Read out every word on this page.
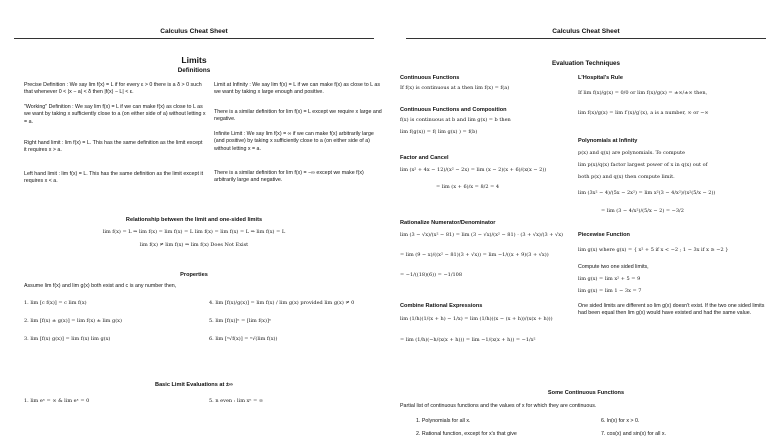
Calculus Cheat Sheet
Limits
Definitions
Precise Definition : We say lim f(x) = L if for every ε > 0 there is a δ > 0 such that whenever 0 < |x − a| < δ then |f(x) − L| < ε.
"Working" Definition : We say lim f(x) = L if we can make f(x) as close to L as we want by taking x sufficiently close to a (on either side of a) without letting x = a.
Right hand limit : lim f(x) = L. This has the same definition as the limit except it requires x > a.
Left hand limit : lim f(x) = L. This has the same definition as the limit except it requires x < a.
Limit at Infinity : We say lim f(x) = L if we can make f(x) as close to L as we want by taking x large enough and positive.
There is a similar definition for lim f(x) = L except we require x large and negative.
Infinite Limit : We say lim f(x) = ∞ if we can make f(x) arbitrarily large (and positive) by taking x sufficiently close to a (on either side of a) without letting x = a.
There is a similar definition for lim f(x) = −∞ except we make f(x) arbitrarily large and negative.
Relationship between the limit and one-sided limits
lim f(x) = L ⇒ lim f(x) = lim f(x) = L lim f(x) = lim f(x) = L ⇒ lim f(x) = L
lim f(x) ≠ lim f(x) ⇒ lim f(x) Does Not Exist
Properties
Assume lim f(x) and lim g(x) both exist and c is any number then,
1. lim [c f(x)] = c lim f(x)
2. lim [f(x) ± g(x)] = lim f(x) ± lim g(x)
3. lim [f(x) g(x)] = lim f(x) lim g(x)
4. lim [f(x)/g(x)] = lim f(x) / lim g(x) provided lim g(x) ≠ 0
5. lim [f(x)]ⁿ = [lim f(x)]ⁿ
6. lim [ⁿ√f(x)] = ⁿ√(lim f(x))
Basic Limit Evaluations at ±∞
1. lim eˣ = ∞ & lim eˣ = 0	5. n even : lim xⁿ = ∞
Calculus Cheat Sheet
Evaluation Techniques
Continuous Functions
If f(x) is continuous at a then lim f(x) = f(a)
Continuous Functions and Composition
f(x) is continuous at b and lim g(x) = b then
lim f(g(x)) = f( lim g(x) ) = f(b)
Factor and Cancel
lim (x² + 4x − 12)/(x² − 2x) = lim (x − 2)(x + 6)/(x(x − 2))
= lim (x + 6)/x = 8/2 = 4
Rationalize Numerator/Denominator
lim (3 − √x)/(x² − 81) = lim (3 − √x)/(x² − 81) · (3 + √x)/(3 + √x)
= lim (9 − x)/((x² − 81)(3 + √x)) = lim −1/((x + 9)(3 + √x))
= −1/((18)(6)) = −1/108
Combine Rational Expressions
lim (1/h)(1/(x + h) − 1/x) = lim (1/h)((x − (x + h))/(x(x + h)))
= lim (1/h)(−h/(x(x + h))) = lim −1/(x(x + h)) = −1/x²
L'Hospital's Rule
If lim f(x)/g(x) = 0/0 or lim f(x)/g(x) = ±∞/±∞ then,
lim f(x)/g(x) = lim f′(x)/g′(x), a is a number, ∞ or −∞
Polynomials at Infinity
p(x) and q(x) are polynomials. To compute
lim p(x)/q(x) factor largest power of x in q(x) out of
both p(x) and q(x) then compute limit.
lim (3x² − 4)/(5x − 2x²) = lim x²(3 − 4/x²)/(x²(5/x − 2))
= lim (3 − 4/x²)/(5/x − 2) = −3/2
Piecewise Function
lim g(x) where g(x) = { x² + 5 if x < −2 ; 1 − 3x if x ≥ −2 }
Compute two one sided limits,
lim g(x) = lim x² + 5 = 9
lim g(x) = lim 1 − 3x = 7
One sided limits are different so lim g(x) doesn't exist. If the two one sided limits had been equal then lim g(x) would have existed and had the same value.
Some Continuous Functions
Partial list of continuous functions and the values of x for which they are continuous.
1. Polynomials for all x.
2. Rational function, except for x's that give
6. ln(x) for x > 0.
7. cos(x) and sin(x) for all x.
